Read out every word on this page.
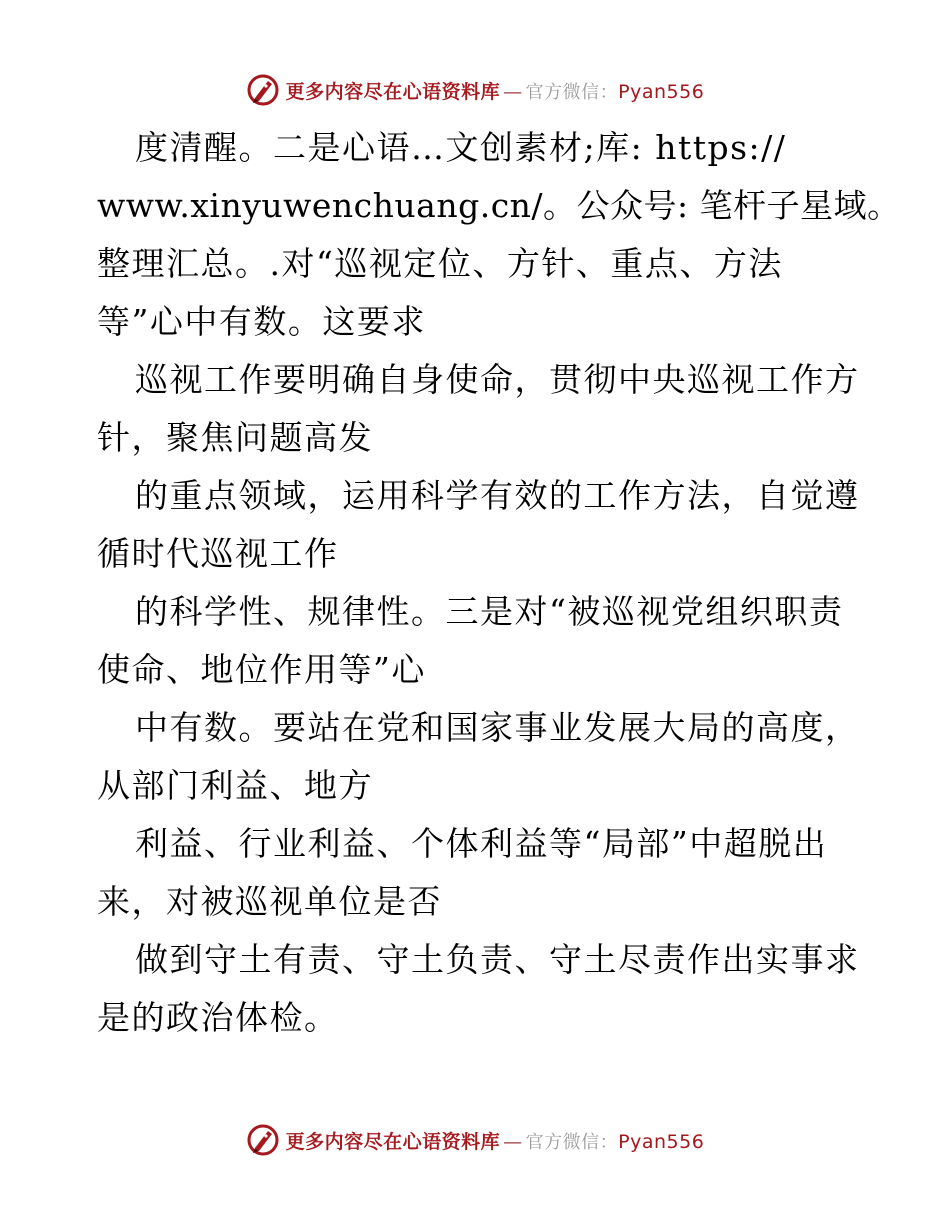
更多内容尽在心语资料库 — 官方微信：Pyan556
度清醒。二是心语…文创素材;库: https://
www.xinyuwenchuang.cn/。公众号: 笔杆子星域。
整理汇总。.对“巡视定位、方针、重点、方法
等”心中有数。这要求
巡视工作要明确自身使命，贯彻中央巡视工作方
针，聚焦问题高发
的重点领域，运用科学有效的工作方法，自觉遵
循时代巡视工作
的科学性、规律性。三是对“被巡视党组织职责
使命、地位作用等”心
中有数。要站在党和国家事业发展大局的高度，
从部门利益、地方
利益、行业利益、个体利益等“局部”中超脱出
来，对被巡视单位是否
做到守土有责、守土负责、守土尽责作出实事求
是的政治体检。
更多内容尽在心语资料库 — 官方微信：Pyan556
